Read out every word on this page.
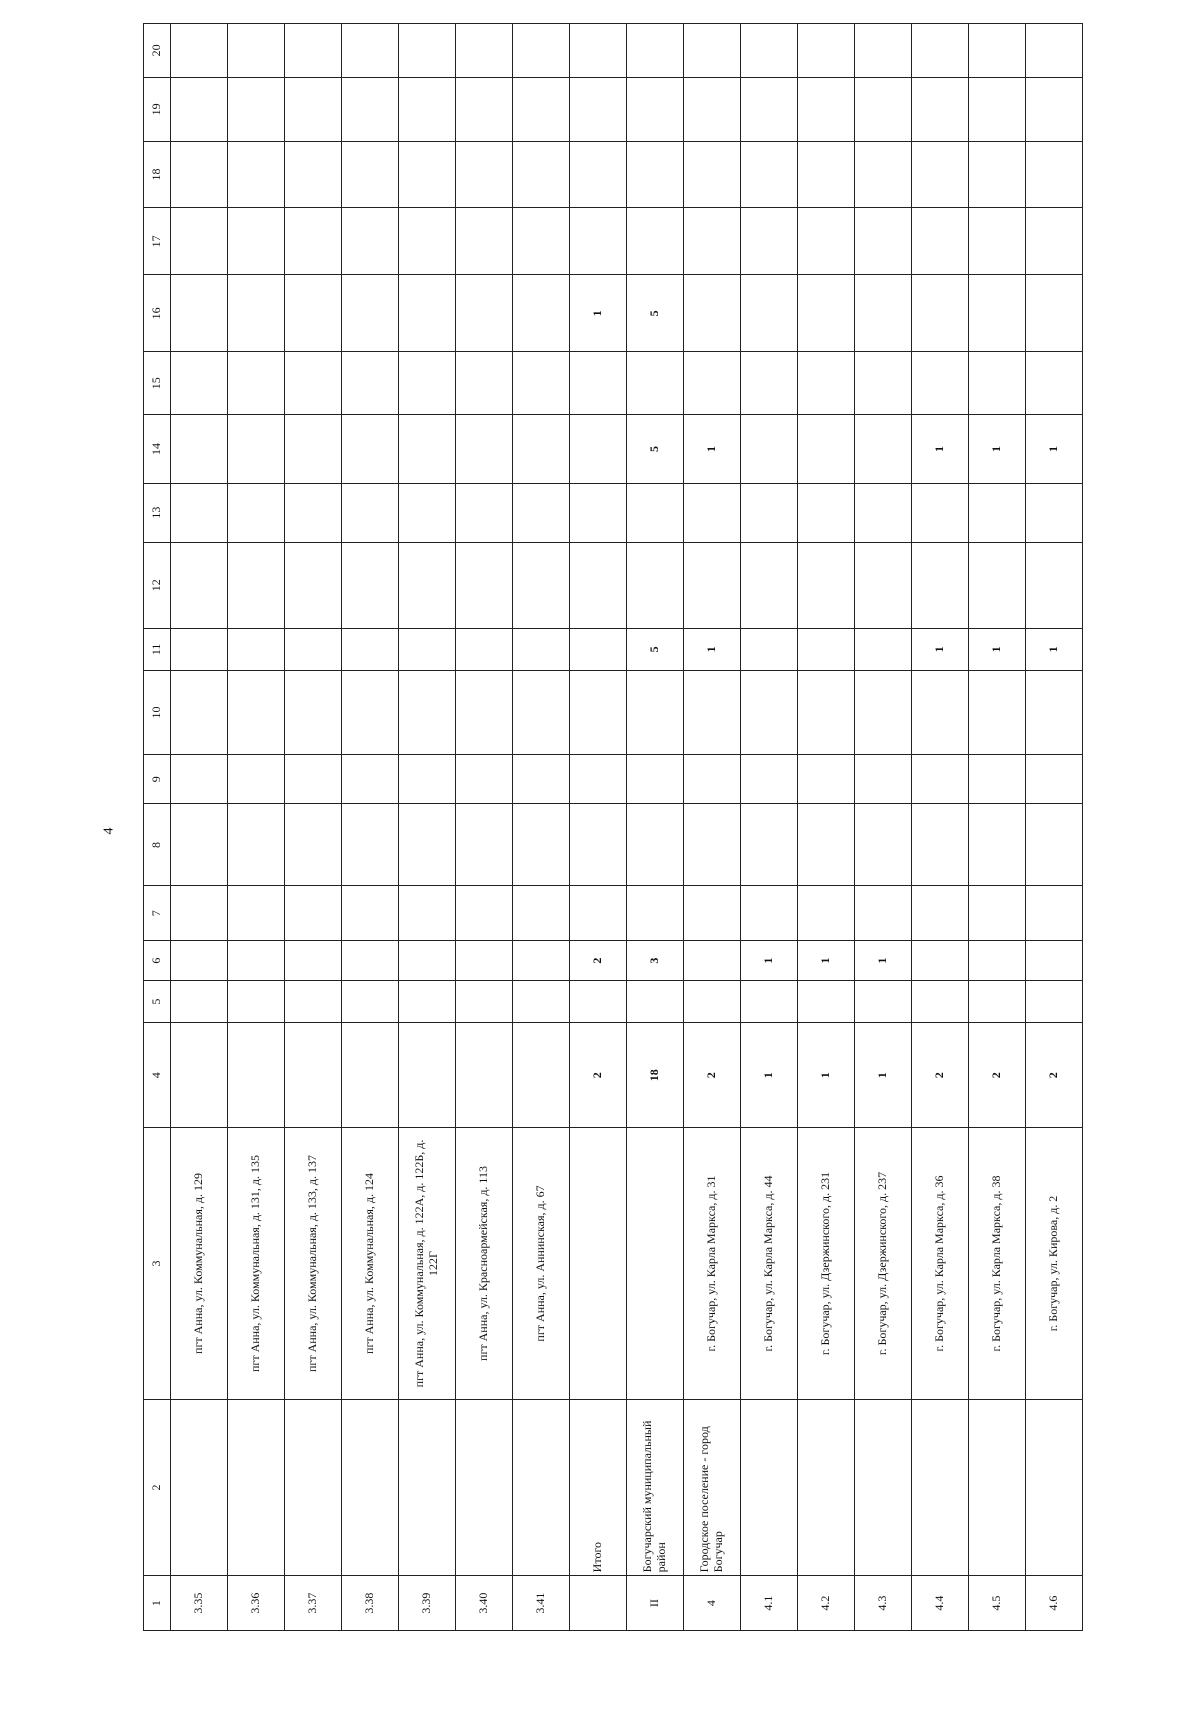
4
1	2	3	4	5	6	7	8	9	10	11	12	13	14	15	16	17	18	19	20
3.35		пгт Анна, ул. Коммунальная, д. 129																	
3.36		пгт Анна, ул. Коммунальная, д. 131, д. 135																	
3.37		пгт Анна, ул. Коммунальная, д. 133, д. 137																	
3.38		пгт Анна, ул. Коммунальная, д. 124																	
3.39		пгт Анна, ул. Коммунальная, д. 122А, д. 122Б, д. 122Г																	
3.40		пгт Анна, ул. Красноармейская, д. 113																	
3.41		пгт Анна, ул. Аннинская, д. 67																	
	Итого		2		2										1				
II	Богучарский муниципальный район		18		3					5			5		5				
4	Городское поселение - город Богучар	г. Богучар, ул. Карла Маркса, д. 31	2							1			1						
4.1		г. Богучар, ул. Карла Маркса, д. 44	1		1														
4.2		г. Богучар, ул. Дзержинского, д. 231	1		1														
4.3		г. Богучар, ул. Дзержинского, д. 237	1		1														
4.4		г. Богучар, ул. Карла Маркса, д. 36	2							1			1						
4.5		г. Богучар, ул. Карла Маркса, д. 38	2							1			1						
4.6		г. Богучар, ул. Кирова, д. 2	2							1			1						
